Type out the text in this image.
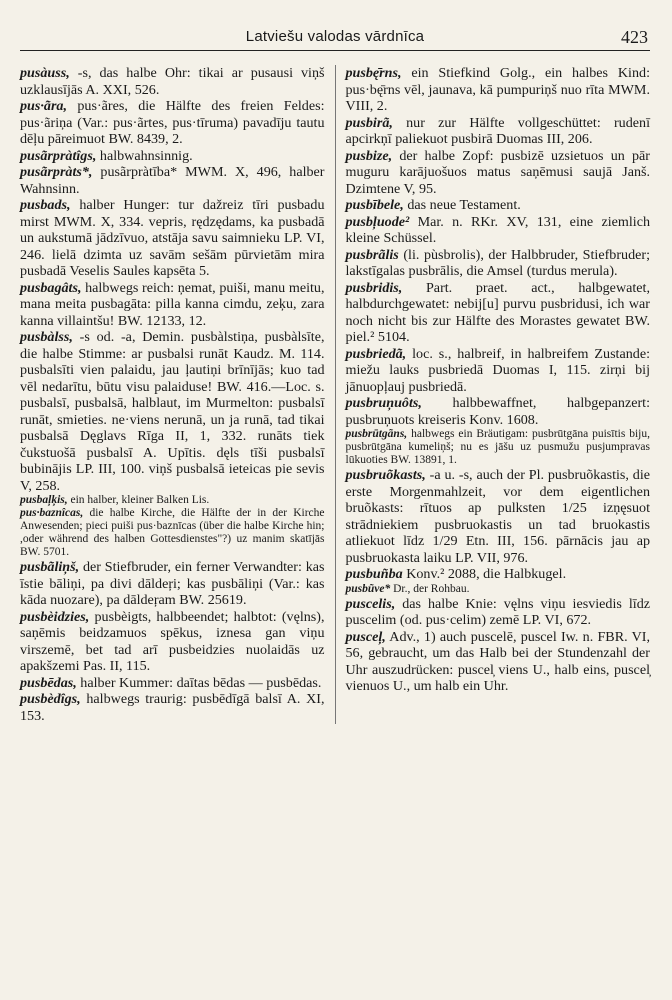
Latviešu valodas vārdnīca	423

pusàuss, -s, das halbe Ohr: tikai ar pusausi viņš uzklausījās A. XXI, 526.

pus·ãra, pus·ãres, die Hälfte des freien Feldes: pus·ãriņa (Var.: pus·ãrtes, pus·tīruma) pavadīju tautu dēļu pāreimuot BW. 8439, 2.

pusãrpràtîgs, halbwahnsinnig.

pusãrpràts*, pusãrpràtība* MWM. X, 496, halber Wahnsinn.

pusbads, halber Hunger: tur dažreiz tīri pusbadu mirst MWM. X, 334. vepris, rędzędams, ka pusbadā un aukstumā jādzīvuo, atstāja savu saimnieku LP. VI, 246. lielā dzimta uz savām sešām pūrvietām mira pusbadā Veselis Saules kapsēta 5.

pusbagâts, halbwegs reich: ņemat, puiši, manu meitu, mana meita pusbagāta: pilla kanna cimdu, zeķu, zara kanna villaintšu! BW. 12133, 12.

pusbàlss, -s od. -a, Demin. pusbàlstiņa, pusbàlsīte, die halbe Stimme: ar pusbalsi runāt Kaudz. M. 114. pusbalsīti vien palaidu, jau ļautiņi brīnījās; kuo tad vēl nedarītu, būtu visu palaiduse! BW. 416.—Loc. s. pusbalsī, pusbalsā, halblaut, im Murmelton: pusbalsī runāt, smieties. ne·viens nerunā, un ja runā, tad tikai pusbalsā Dęglavs Rīga II, 1, 332. runāts tiek čukstuošā pusbalsī A. Upītis. dęls tīši pusbalsī bubinājis LP. III, 100. viņš pusbalsā ieteicas pie sevis V, 258.

pusbaļķis, ein halber, kleiner Balken Lis.

pus·baznîcas, die halbe Kirche, die Hälfte der in der Kirche Anwesenden; pieci puiši pus·baznīcas (über die halbe Kirche hin; ,oder während des halben Gottesdienstes"?) uz manim skatījās BW. 5701.

pusbãliņš, der Stiefbruder, ein ferner Verwandter: kas īstie bāliņi, pa divi dāldeŗi; kas pusbāliņi (Var.: kas kāda nuozare), pa dāldeŗam BW. 25619.

pusbèidzies, pusbèigts, halbbeendet; halbtot: (vęlns), saņēmis beidzamuos spēkus, iznesa gan viņu virszemē, bet tad arī pusbeidzies nuolaidās uz apakšzemi Pas. II, 115.

pusbēdas, halber Kummer: daītas bēdas — pusbēdas.

pusbèdîgs, halbwegs traurig: pusbēdīgā balsī A. XI, 153.

pusbę̄rns, ein Stiefkind Golg., ein halbes Kind: pus·bę̄rns vēl, jaunava, kā pumpuriņš nuo rīta MWM. VIII, 2.

pusbirã, nur zur Hälfte vollgeschüttet: rudenī apcirkņī paliekuot pusbirā Duomas III, 206.

pusbize, der halbe Zopf: pusbizē uzsietuos un pār muguru karājuošuos matus saņēmusi saujā Janš. Dzimtene V, 95.

pusbībele, das neue Testament.

pusbļuode² Mar. n. RKr. XV, 131, eine ziemlich kleine Schüssel.

pusbrãlis (li. pùsbrolis), der Halbbruder, Stiefbruder; lakstīgalas pusbrālis, die Amsel (turdus merula).

pusbridis, Part. praet. act., halbgewatet, halbdurchgewatet: nebij[u] purvu pusbridusi, ich war noch nicht bis zur Hälfte des Morastes gewatet BW. piel.² 5104.

pusbriedã, loc. s., halbreif, in halbreifem Zustande: miežu lauks pusbriedā Duomas I, 115. zirņi bij jānuopļauj pusbriedā.

pusbruņuôts, halbbewaffnet, halbgepanzert: pusbruņuots kreiseris Konv. 1608.

pusbrūtgãns, halbwegs ein Bräutigam: pusbrūtgāna puisītis biju, pusbrūtgāna kumeliņš; nu es jāšu uz pusmužu pusjumpravas lūkuoties BW. 13891, 1.

pusbruõkasts, -a u. -s, auch der Pl. pusbruõkastis, die erste Morgenmahlzeit, vor dem eigentlichen bruõkasts: rītuos ap pulksten 1/25 izņęsuot strādniekiem pusbruokastis un tad bruokastis atliekuot līdz 1/29 Etn. III, 156. pārnācis jau ap pusbruokasta laiku LP. VII, 976.

pusbuñba Konv.² 2088, die Halbkugel.

pusbũve* Dr., der Rohbau.

puscelis, das halbe Knie: vęlns viņu iesviedis līdz puscelim (od. pus·celim) zemē LP. VI, 672.

puscel̦, Adv., 1) auch puscelē, puscel Iw. n. FBR. VI, 56, gebraucht, um das Halb bei der Stundenzahl der Uhr auszudrücken: puscel̦ viens U., halb eins, puscel̦ vienuos U., um halb ein Uhr.
